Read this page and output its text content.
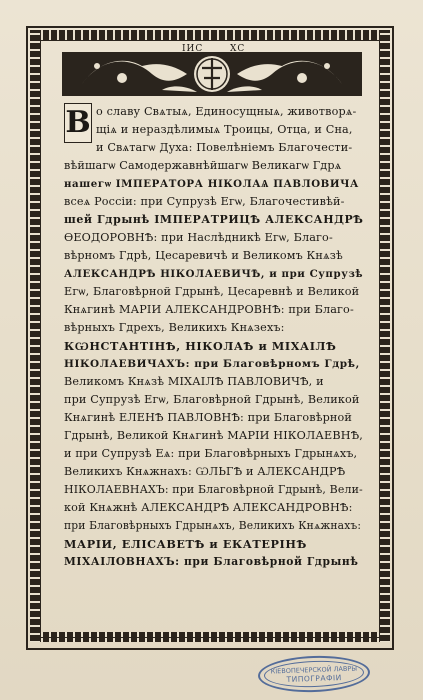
IИС	ХС
В о славу Свѧтыѧ, Единосущныѧ, животворѧ-
щіѧ и нераздѣлимыѧ Троицы, Отца, и Сна,
и Свѧтагѡ Духа: Повелѣніемъ Благочести-
вѣйшагѡ Самодержавнѣйшагѡ Великагѡ Гдрѧ
нашегѡ ІМПЕРАТОРА НІКОЛАѦ ПАВЛОВИЧА
всеѧ Россіи: при Супрузѣ Егѡ, Благочестивѣй-
шей Гдрынѣ ІМПЕРАТРИЦѢ АЛЕКСАНДРѢ
ѲЕОДОРОВНѢ: при Наслѣдникѣ Егѡ, Благо-
вѣрномъ Гдрѣ, Цесаревичѣ и Великомъ Кнѧзѣ
АЛЕКСАНДРѢ НІКОЛАЕВИЧѢ, и при Супрузѣ
Егѡ, Благовѣрной Гдрынѣ, Цесаревнѣ и Великой
Кнѧгинѣ МАРІИ АЛЕКСАНДРОВНѢ: при Благо-
вѣрныхъ Гдрехъ, Великихъ Кнѧзехъ:
КѠНСТАНТІНѢ, НІКОЛАѢ и МІХАІЛѢ
НІКОЛАЕВИЧАХЪ: при Благовѣрномъ Гдрѣ,
Великомъ Кнѧзѣ МІХАІЛѢ ПАВЛОВИЧѢ, и
при Супрузѣ Егѡ, Благовѣрной Гдрынѣ, Великой
Кнѧгинѣ ЕЛЕНѢ ПАВЛОВНѢ: при Благовѣрной
Гдрынѣ, Великой Кнѧгинѣ МАРІИ НІКОЛАЕВНѢ,
и при Супрузѣ Еѧ: при Благовѣрныхъ Гдрынѧхъ,
Великихъ Кнѧжнахъ: ѠЛЬГѢ и АЛЕКСАНДРѢ
НІКОЛАЕВНАХЪ: при Благовѣрной Гдрынѣ, Вели-
кой Кнѧжнѣ АЛЕКСАНДРѢ АЛЕКСАНДРОВНѢ:
при Благовѣрныхъ Гдрынѧхъ, Великихъ Кнѧжнахъ:
МАРІИ, ЕЛІСАВЕТѢ и ЕКАТЕРІНѢ
МІХАІЛОВНАХЪ: при Благовѣрной Гдрынѣ
КІЕВОПЕЧЕРСКОЙ ЛАВРЫ
ТИПОГРАФІИ
